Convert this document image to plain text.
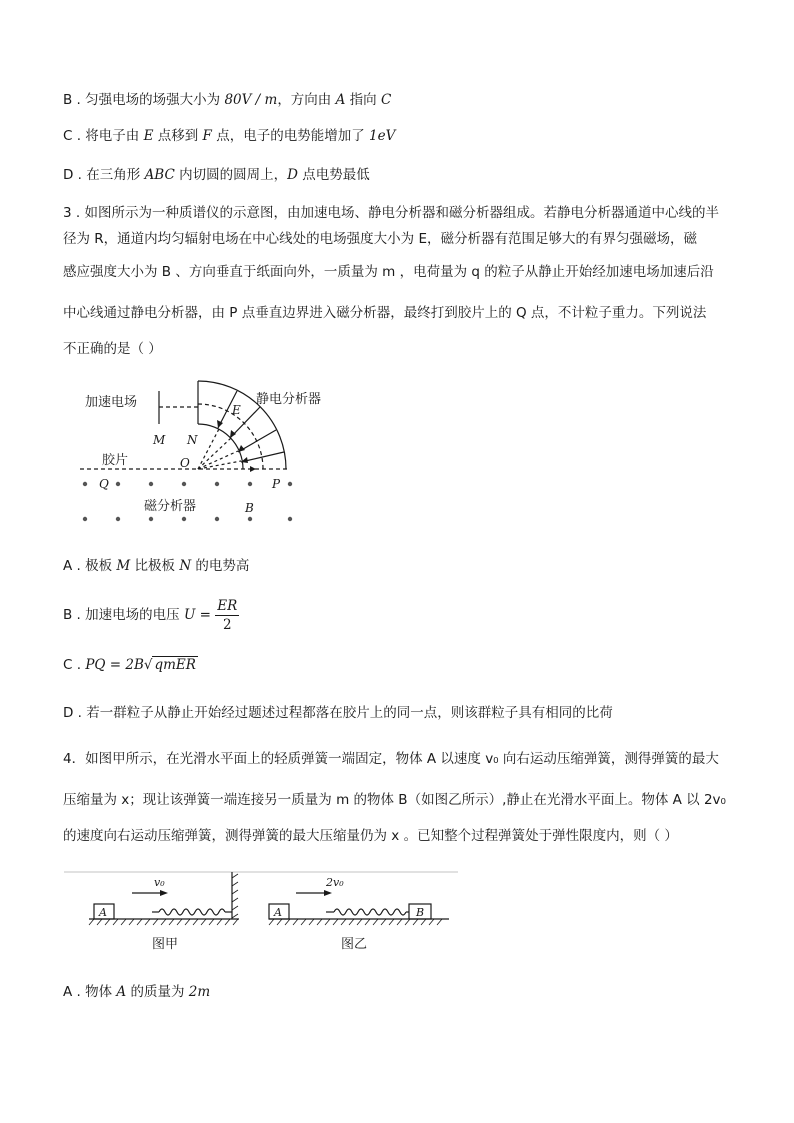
B . 匀强电场的场强大小为 80V / m，方向由 A 指向 C
C . 将电子由 E 点移到 F 点，电子的电势能增加了 1eV
D . 在三角形 ABC 内切圆的圆周上，D 点电势最低
3 . 如图所示为一种质谱仪的示意图，由加速电场、静电分析器和磁分析器组成。若静电分析器通道中心线的半
径为 R，通道内均匀辐射电场在中心线处的电场强度大小为 E，磁分析器有范围足够大的有界匀强磁场，磁
感应强度大小为 B 、方向垂直于纸面向外，一质量为 m ，电荷量为 q 的粒子从静止开始经加速电场加速后沿
中心线通过静电分析器，由 P 点垂直边界进入磁分析器，最终打到胶片上的 Q 点，不计粒子重力。下列说法
不正确的是（ ）
加速电场	静电分析器
胶片
磁分析器
M N
O
E
P
Q
B
A . 极板 M 比极板 N 的电势高
B . 加速电场的电压 $U = \frac{ER}{2}$
C . PQ = 2B√ qmER
D . 若一群粒子从静止开始经过题述过程都落在胶片上的同一点，则该群粒子具有相同的比荷
4．如图甲所示，在光滑水平面上的轻质弹簧一端固定，物体 A 以速度 v₀ 向右运动压缩弹簧，测得弹簧的最大
压缩量为 x；现让该弹簧一端连接另一质量为 m 的物体 B（如图乙所示）,静止在光滑水平面上。物体 A 以 2v₀
的速度向右运动压缩弹簧，测得弹簧的最大压缩量仍为 x 。已知整个过程弹簧处于弹性限度内，则（ ）
A
v₀
A	B
2v₀
图甲	图乙
A . 物体 A 的质量为 2m
